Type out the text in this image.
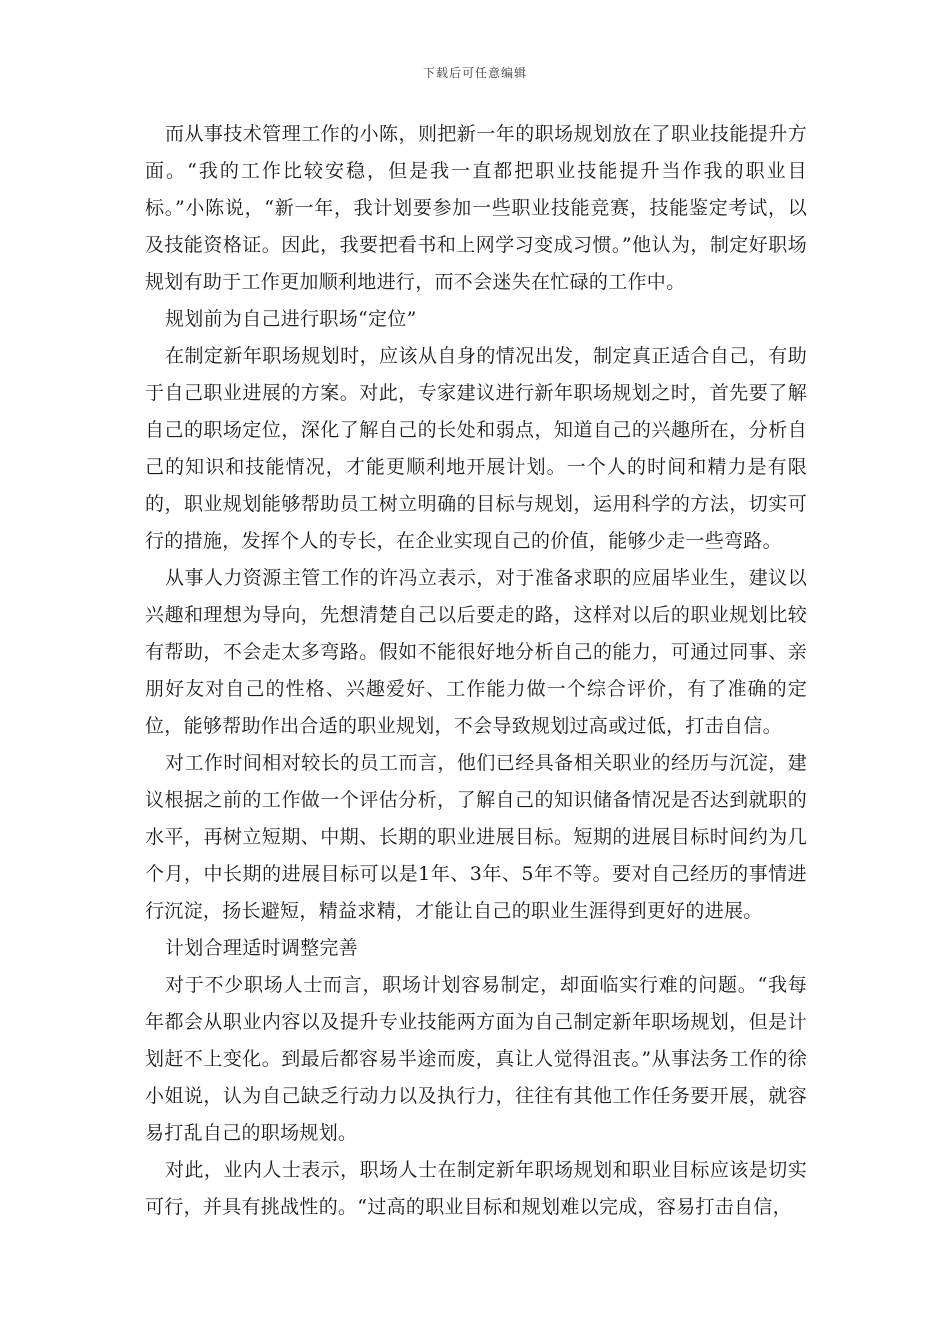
下载后可任意编辑

而从事技术管理工作的小陈，则把新一年的职场规划放在了职业技能提升方面。“我的工作比较安稳，但是我一直都把职业技能提升当作我的职业目标。”小陈说，“新一年，我计划要参加一些职业技能竞赛，技能鉴定考试，以及技能资格证。因此，我要把看书和上网学习变成习惯。”他认为，制定好职场规划有助于工作更加顺利地进行，而不会迷失在忙碌的工作中。

规划前为自己进行职场“定位”

在制定新年职场规划时，应该从自身的情况出发，制定真正适合自己，有助于自己职业进展的方案。对此，专家建议进行新年职场规划之时，首先要了解自己的职场定位，深化了解自己的长处和弱点，知道自己的兴趣所在，分析自己的知识和技能情况，才能更顺利地开展计划。一个人的时间和精力是有限的，职业规划能够帮助员工树立明确的目标与规划，运用科学的方法，切实可行的措施，发挥个人的专长，在企业实现自己的价值，能够少走一些弯路。

从事人力资源主管工作的许冯立表示，对于准备求职的应届毕业生，建议以兴趣和理想为导向，先想清楚自己以后要走的路，这样对以后的职业规划比较有帮助，不会走太多弯路。假如不能很好地分析自己的能力，可通过同事、亲朋好友对自己的性格、兴趣爱好、工作能力做一个综合评价，有了准确的定位，能够帮助作出合适的职业规划，不会导致规划过高或过低，打击自信。

对工作时间相对较长的员工而言，他们已经具备相关职业的经历与沉淀，建议根据之前的工作做一个评估分析，了解自己的知识储备情况是否达到就职的水平，再树立短期、中期、长期的职业进展目标。短期的进展目标时间约为几个月，中长期的进展目标可以是1年、3年、5年不等。要对自己经历的事情进行沉淀，扬长避短，精益求精，才能让自己的职业生涯得到更好的进展。

计划合理适时调整完善

对于不少职场人士而言，职场计划容易制定，却面临实行难的问题。“我每年都会从职业内容以及提升专业技能两方面为自己制定新年职场规划，但是计划赶不上变化。到最后都容易半途而废，真让人觉得沮丧。”从事法务工作的徐小姐说，认为自己缺乏行动力以及执行力，往往有其他工作任务要开展，就容易打乱自己的职场规划。

对此，业内人士表示，职场人士在制定新年职场规划和职业目标应该是切实可行，并具有挑战性的。“过高的职业目标和规划难以完成，容易打击自信，
